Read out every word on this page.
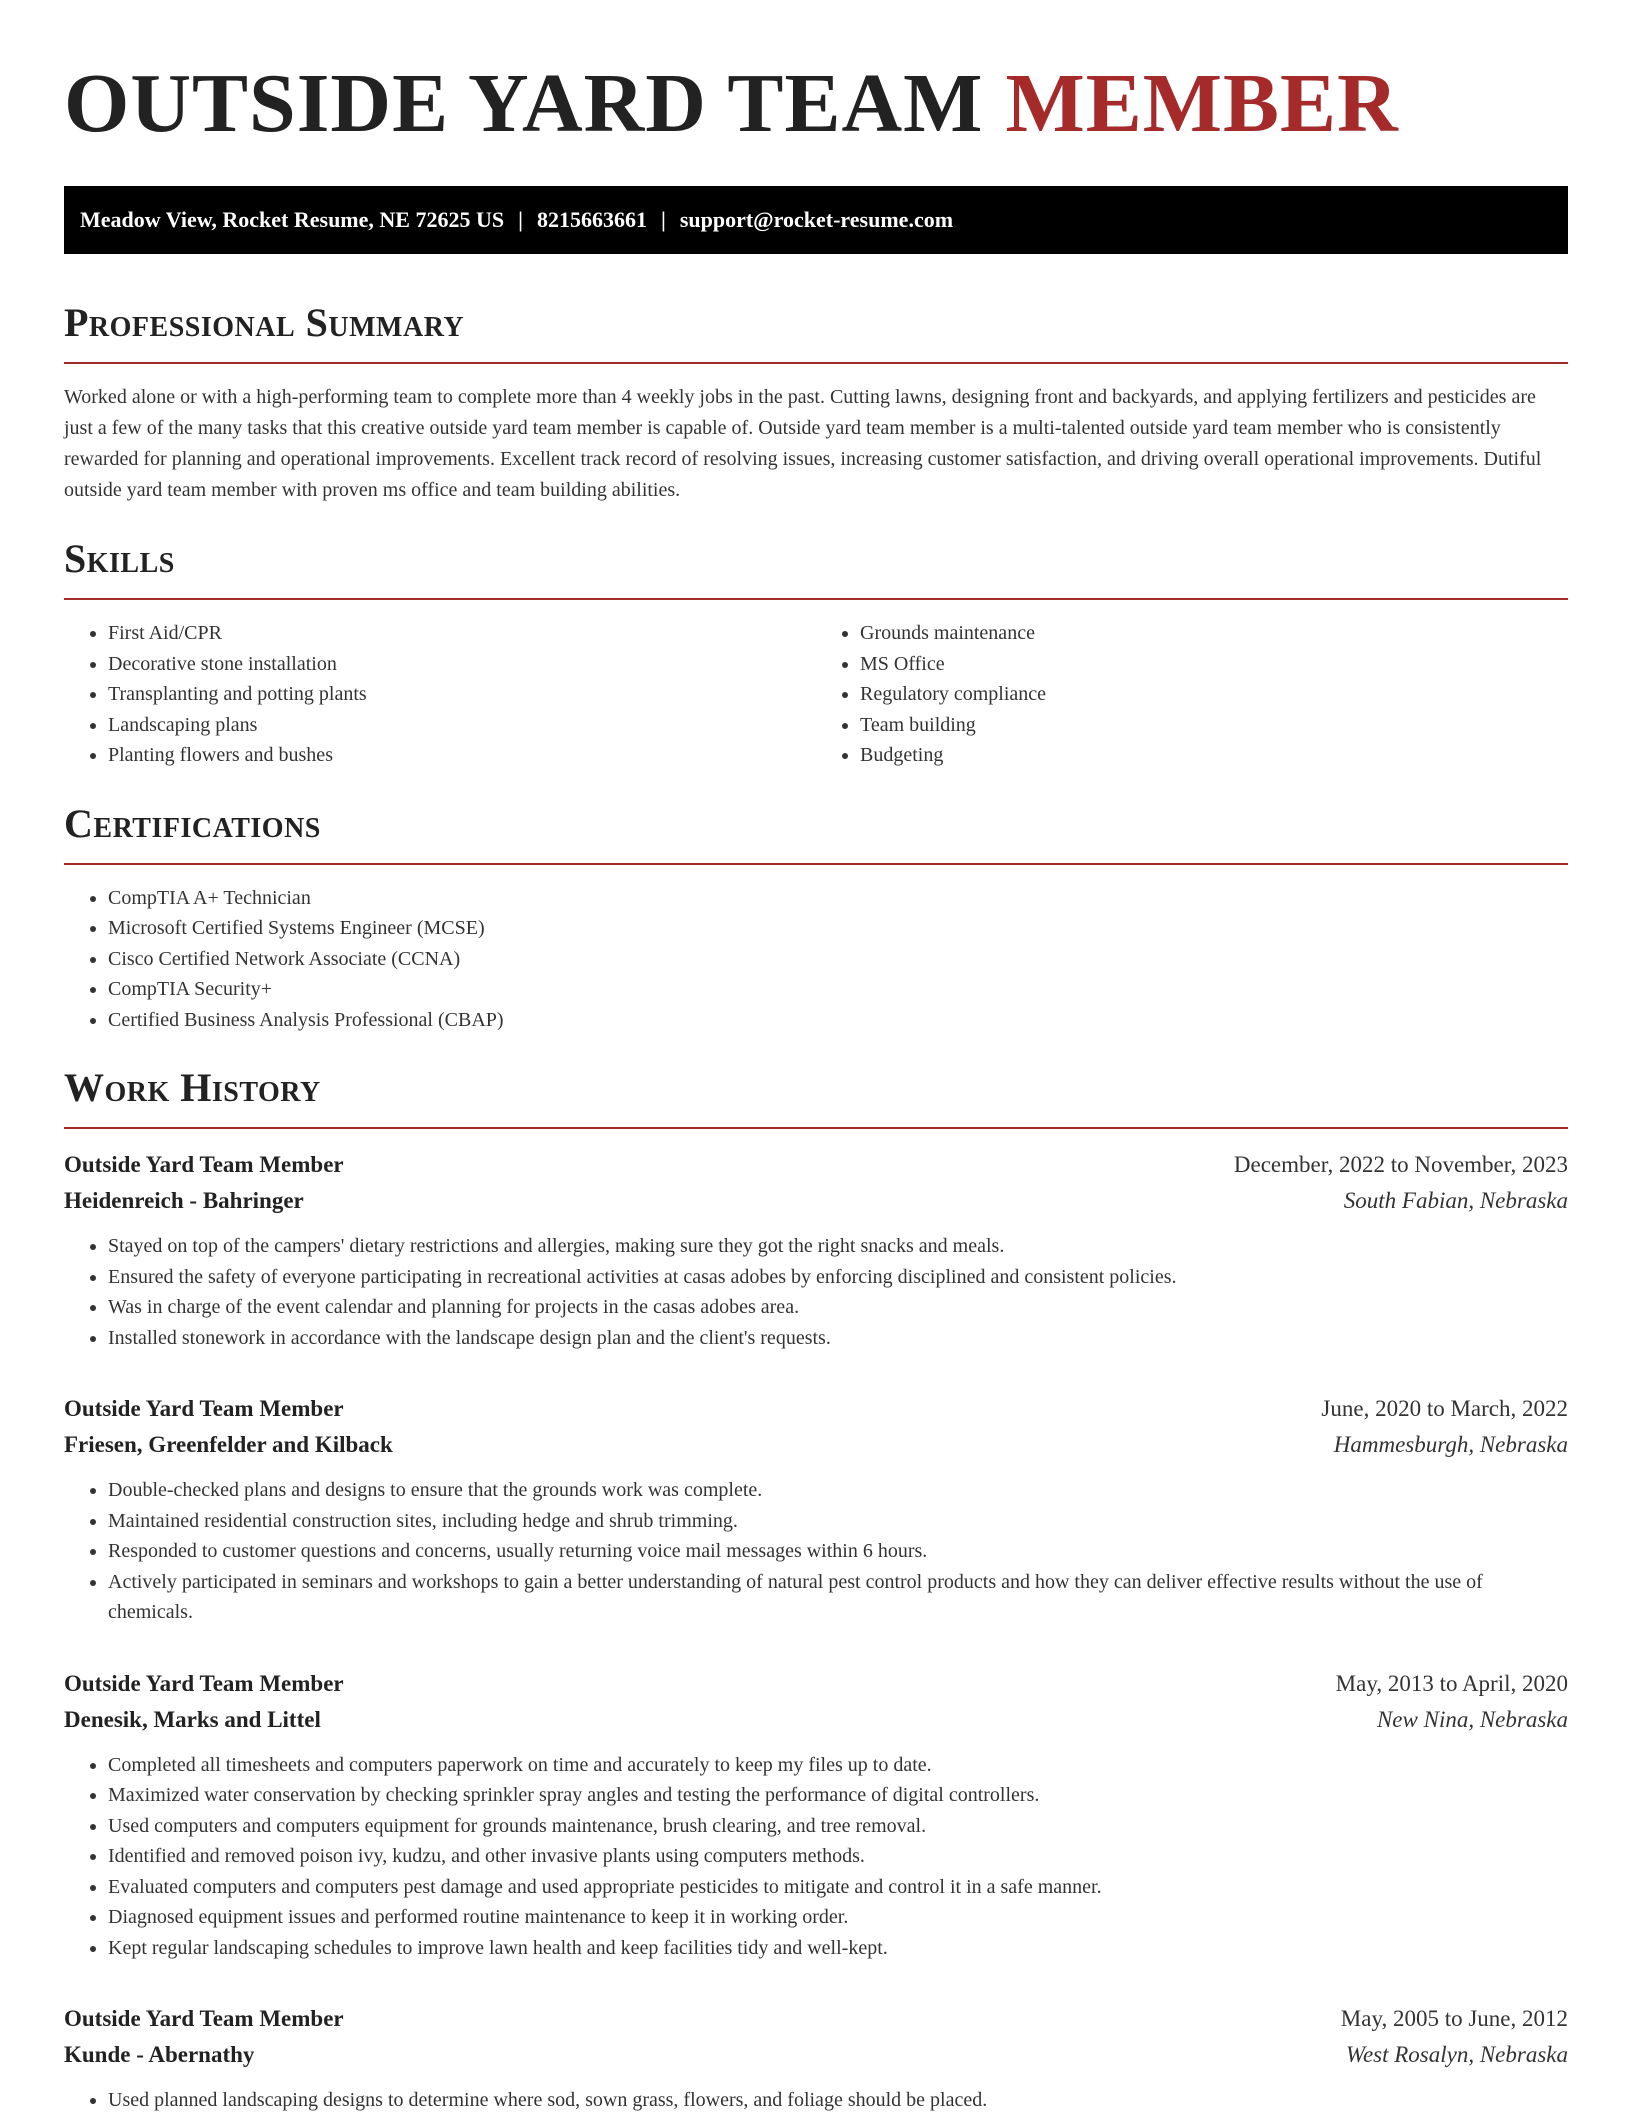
OUTSIDE YARD TEAM MEMBER
Meadow View, Rocket Resume, NE 72625 US | 8215663661 | support@rocket-resume.com
Professional Summary

Worked alone or with a high-performing team to complete more than 4 weekly jobs in the past. Cutting lawns, designing front and backyards, and applying fertilizers and pesticides are just a few of the many tasks that this creative outside yard team member is capable of. Outside yard team member is a multi-talented outside yard team member who is consistently rewarded for planning and operational improvements. Excellent track record of resolving issues, increasing customer satisfaction, and driving overall operational improvements. Dutiful outside yard team member with proven ms office and team building abilities.

Skills
• First Aid/CPR
• Decorative stone installation
• Transplanting and potting plants
• Landscaping plans
• Planting flowers and bushes
• Grounds maintenance
• MS Office
• Regulatory compliance
• Team building
• Budgeting
Certifications
• CompTIA A+ Technician
• Microsoft Certified Systems Engineer (MCSE)
• Cisco Certified Network Associate (CCNA)
• CompTIA Security+
• Certified Business Analysis Professional (CBAP)
Work History
Outside Yard Team Member	December, 2022 to November, 2023
Heidenreich - Bahringer	South Fabian, Nebraska
• Stayed on top of the campers' dietary restrictions and allergies, making sure they got the right snacks and meals.
• Ensured the safety of everyone participating in recreational activities at casas adobes by enforcing disciplined and consistent policies.
• Was in charge of the event calendar and planning for projects in the casas adobes area.
• Installed stonework in accordance with the landscape design plan and the client's requests.
Outside Yard Team Member	June, 2020 to March, 2022
Friesen, Greenfelder and Kilback	Hammesburgh, Nebraska
• Double-checked plans and designs to ensure that the grounds work was complete.
• Maintained residential construction sites, including hedge and shrub trimming.
• Responded to customer questions and concerns, usually returning voice mail messages within 6 hours.
• Actively participated in seminars and workshops to gain a better understanding of natural pest control products and how they can deliver effective results without the use of chemicals.
Outside Yard Team Member	May, 2013 to April, 2020
Denesik, Marks and Littel	New Nina, Nebraska
• Completed all timesheets and computers paperwork on time and accurately to keep my files up to date.
• Maximized water conservation by checking sprinkler spray angles and testing the performance of digital controllers.
• Used computers and computers equipment for grounds maintenance, brush clearing, and tree removal.
• Identified and removed poison ivy, kudzu, and other invasive plants using computers methods.
• Evaluated computers and computers pest damage and used appropriate pesticides to mitigate and control it in a safe manner.
• Diagnosed equipment issues and performed routine maintenance to keep it in working order.
• Kept regular landscaping schedules to improve lawn health and keep facilities tidy and well-kept.
Outside Yard Team Member	May, 2005 to June, 2012
Kunde - Abernathy	West Rosalyn, Nebraska
• Used planned landscaping designs to determine where sod, sown grass, flowers, and foliage should be placed.
